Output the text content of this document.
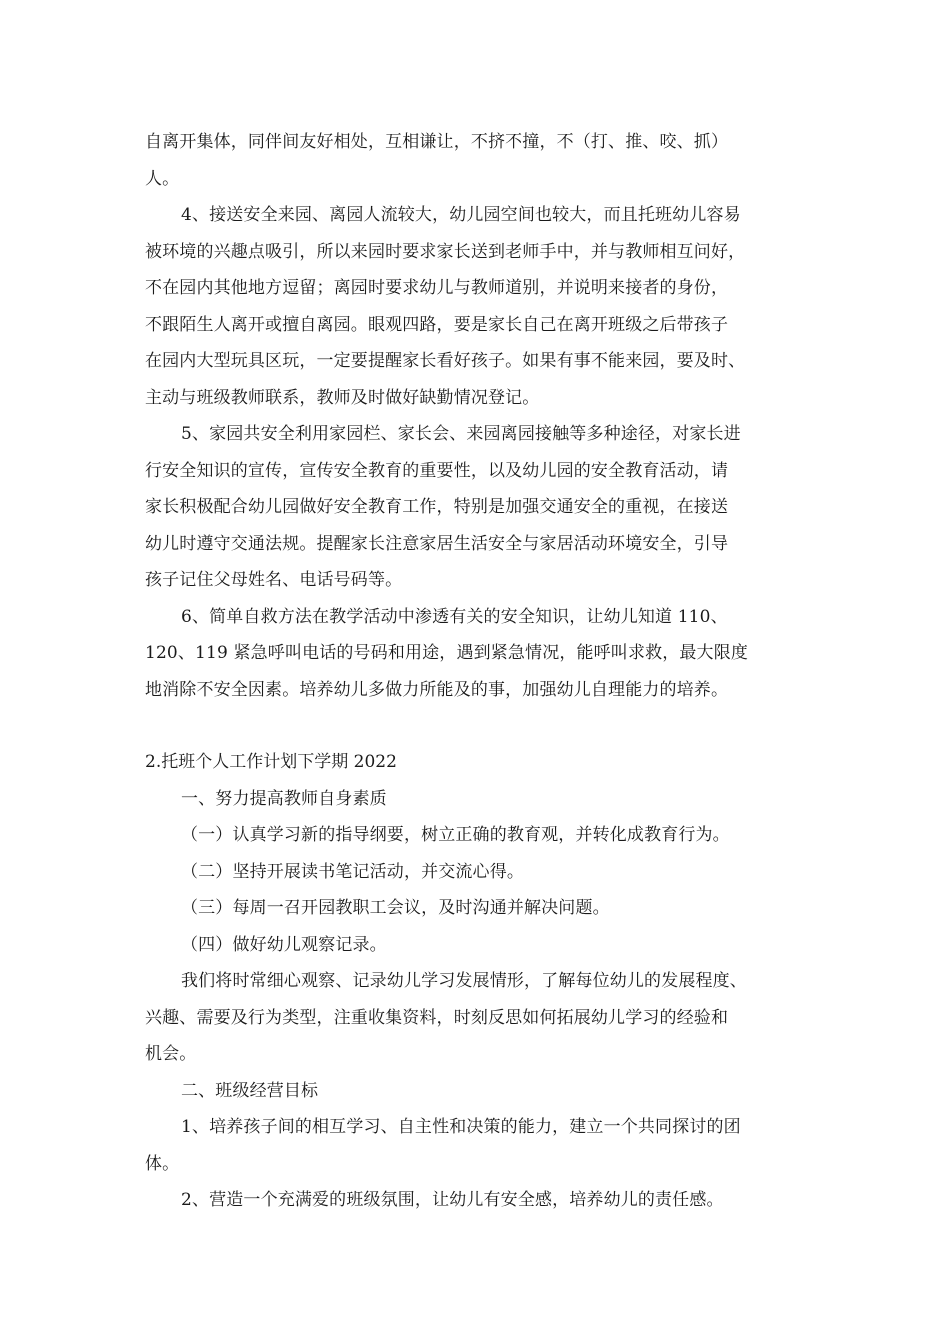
自离开集体，同伴间友好相处，互相谦让，不挤不撞，不（打、推、咬、抓）
人。
4、接送安全来园、离园人流较大，幼儿园空间也较大，而且托班幼儿容易
被环境的兴趣点吸引，所以来园时要求家长送到老师手中，并与教师相互问好，
不在园内其他地方逗留；离园时要求幼儿与教师道别，并说明来接者的身份，
不跟陌生人离开或擅自离园。眼观四路，要是家长自己在离开班级之后带孩子
在园内大型玩具区玩，一定要提醒家长看好孩子。如果有事不能来园，要及时、
主动与班级教师联系，教师及时做好缺勤情况登记。
5、家园共安全利用家园栏、家长会、来园离园接触等多种途径，对家长进
行安全知识的宣传，宣传安全教育的重要性，以及幼儿园的安全教育活动，请
家长积极配合幼儿园做好安全教育工作，特别是加强交通安全的重视，在接送
幼儿时遵守交通法规。提醒家长注意家居生活安全与家居活动环境安全，引导
孩子记住父母姓名、电话号码等。
6、简单自救方法在教学活动中渗透有关的安全知识，让幼儿知道 110、
120、119 紧急呼叫电话的号码和用途，遇到紧急情况，能呼叫求救，最大限度
地消除不安全因素。培养幼儿多做力所能及的事，加强幼儿自理能力的培养。
2.托班个人工作计划下学期 2022
一、努力提高教师自身素质
（一）认真学习新的指导纲要，树立正确的教育观，并转化成教育行为。
（二）坚持开展读书笔记活动，并交流心得。
（三）每周一召开园教职工会议，及时沟通并解决问题。
（四）做好幼儿观察记录。
我们将时常细心观察、记录幼儿学习发展情形，了解每位幼儿的发展程度、
兴趣、需要及行为类型，注重收集资料，时刻反思如何拓展幼儿学习的经验和
机会。
二、班级经营目标
1、培养孩子间的相互学习、自主性和决策的能力，建立一个共同探讨的团
体。
2、营造一个充满爱的班级氛围，让幼儿有安全感，培养幼儿的责任感。
